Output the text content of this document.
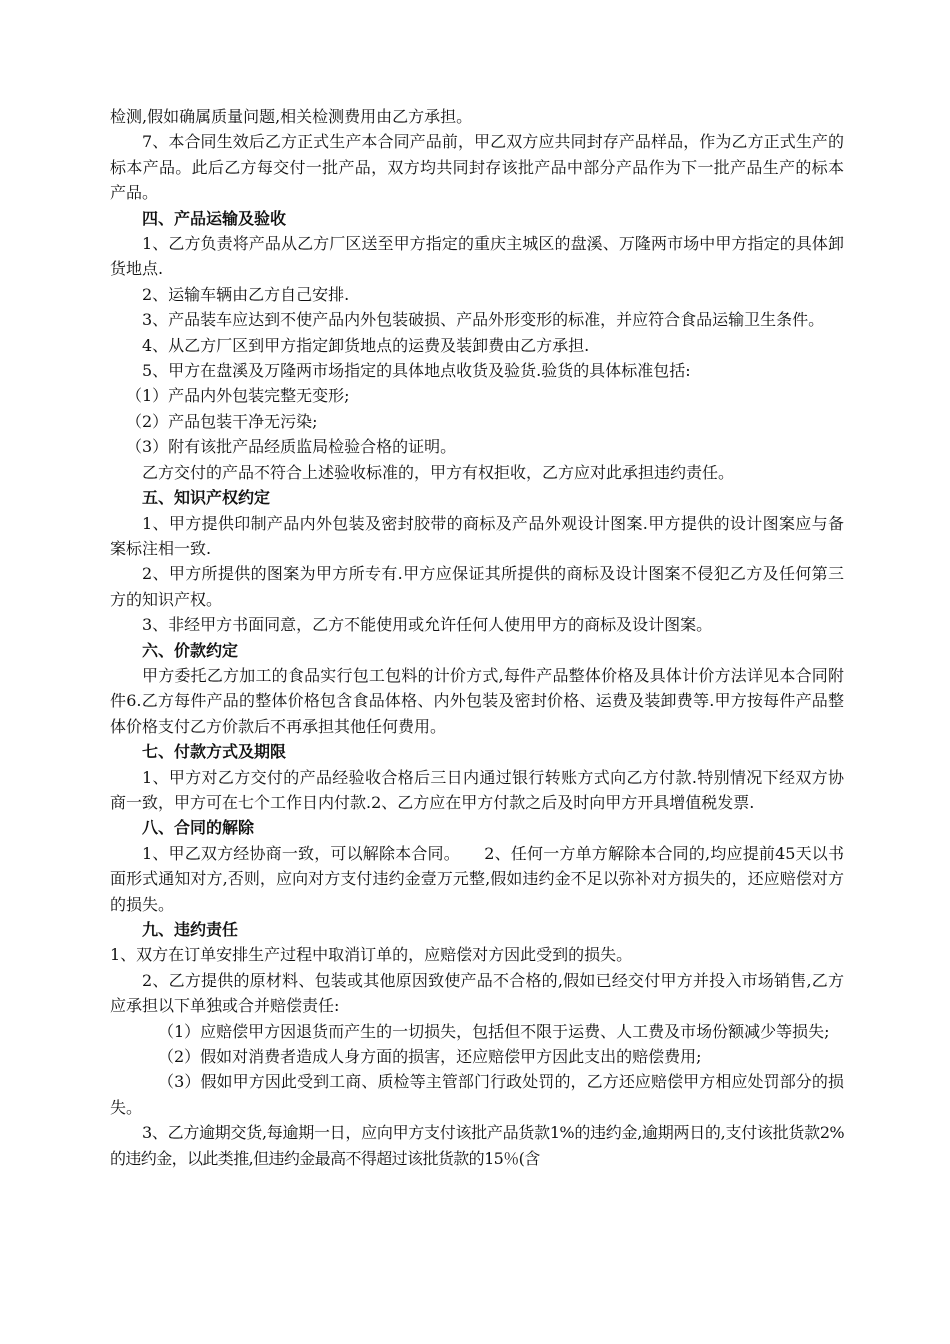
检测,假如确属质量问题,相关检测费用由乙方承担。

7、本合同生效后乙方正式生产本合同产品前，甲乙双方应共同封存产品样品，作为乙方正式生产的标本产品。此后乙方每交付一批产品，双方均共同封存该批产品中部分产品作为下一批产品生产的标本产品。

四、产品运输及验收

1、乙方负责将产品从乙方厂区送至甲方指定的重庆主城区的盘溪、万隆两市场中甲方指定的具体卸货地点.

2、运输车辆由乙方自己安排.

3、产品装车应达到不使产品内外包装破损、产品外形变形的标准，并应符合食品运输卫生条件。

4、从乙方厂区到甲方指定卸货地点的运费及装卸费由乙方承担.

5、甲方在盘溪及万隆两市场指定的具体地点收货及验货.验货的具体标准包括:

（1）产品内外包装完整无变形;

（2）产品包装干净无污染;

（3）附有该批产品经质监局检验合格的证明。

乙方交付的产品不符合上述验收标准的，甲方有权拒收，乙方应对此承担违约责任。

五、知识产权约定

1、甲方提供印制产品内外包装及密封胶带的商标及产品外观设计图案.甲方提供的设计图案应与备案标注相一致.

2、甲方所提供的图案为甲方所专有.甲方应保证其所提供的商标及设计图案不侵犯乙方及任何第三方的知识产权。

3、非经甲方书面同意，乙方不能使用或允许任何人使用甲方的商标及设计图案。

六、价款约定

甲方委托乙方加工的食品实行包工包料的计价方式,每件产品整体价格及具体计价方法详见本合同附件6.乙方每件产品的整体价格包含食品体格、内外包装及密封价格、运费及装卸费等.甲方按每件产品整体价格支付乙方价款后不再承担其他任何费用。

七、付款方式及期限

1、甲方对乙方交付的产品经验收合格后三日内通过银行转账方式向乙方付款.特别情况下经双方协商一致，甲方可在七个工作日内付款.2、乙方应在甲方付款之后及时向甲方开具增值税发票.

八、合同的解除

1、甲乙双方经协商一致，可以解除本合同。　　2、任何一方单方解除本合同的,均应提前45天以书面形式通知对方,否则，应向对方支付违约金壹万元整,假如违约金不足以弥补对方损失的，还应赔偿对方的损失。

九、违约责任

1、双方在订单安排生产过程中取消订单的，应赔偿对方因此受到的损失。

2、乙方提供的原材料、包装或其他原因致使产品不合格的,假如已经交付甲方并投入市场销售,乙方应承担以下单独或合并赔偿责任:

（1）应赔偿甲方因退货而产生的一切损失，包括但不限于运费、人工费及市场份额减少等损失;

（2）假如对消费者造成人身方面的损害，还应赔偿甲方因此支出的赔偿费用;

（3）假如甲方因此受到工商、质检等主管部门行政处罚的，乙方还应赔偿甲方相应处罚部分的损失。

3、乙方逾期交货,每逾期一日，应向甲方支付该批产品货款1%的违约金,逾期两日的,支付该批货款2%的违约金，以此类推,但违约金最高不得超过该批货款的15％(含
